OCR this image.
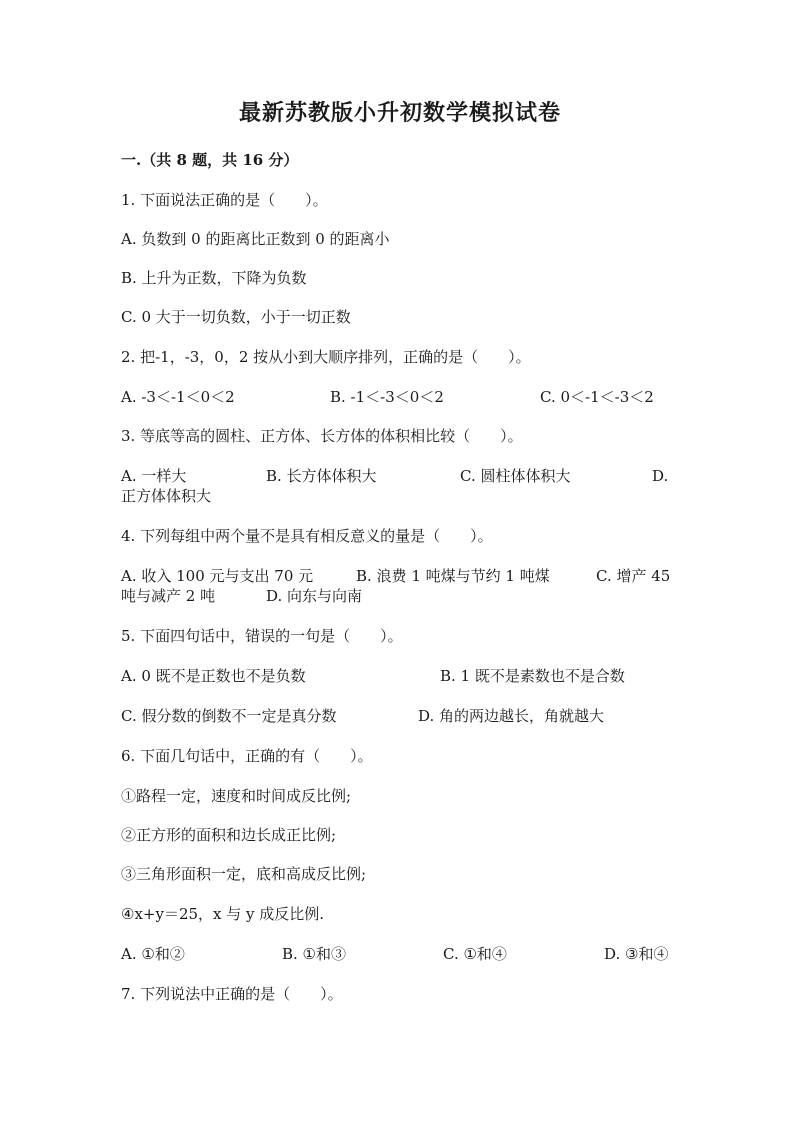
最新苏教版小升初数学模拟试卷
一.（共 8 题，共 16 分）
1. 下面说法正确的是（　　）。
A. 负数到 0 的距离比正数到 0 的距离小
B. 上升为正数，下降为负数
C. 0 大于一切负数，小于一切正数
2. 把-1，-3，0，2 按从小到大顺序排列，正确的是（　　）。
A. -3＜-1＜0＜2	B. -1＜-3＜0＜2	C. 0＜-1＜-3＜2
3. 等底等高的圆柱、正方体、长方体的体积相比较（　　）。
A. 一样大	B. 长方体体积大	C. 圆柱体体积大	D.
正方体体积大
4. 下列每组中两个量不是具有相反意义的量是（　　）。
A. 收入 100 元与支出 70 元	B. 浪费 1 吨煤与节约 1 吨煤	C. 增产 45
吨与减产 2 吨	D. 向东与向南
5. 下面四句话中，错误的一句是（　　）。
A. 0 既不是正数也不是负数	B. 1 既不是素数也不是合数
C. 假分数的倒数不一定是真分数	D. 角的两边越长，角就越大
6. 下面几句话中，正确的有（　　）。
①路程一定，速度和时间成反比例;
②正方形的面积和边长成正比例;
③三角形面积一定，底和高成反比例;
④x+y＝25，x 与 y 成反比例.
A. ①和②	B. ①和③	C. ①和④	D. ③和④
7. 下列说法中正确的是（　　）。
